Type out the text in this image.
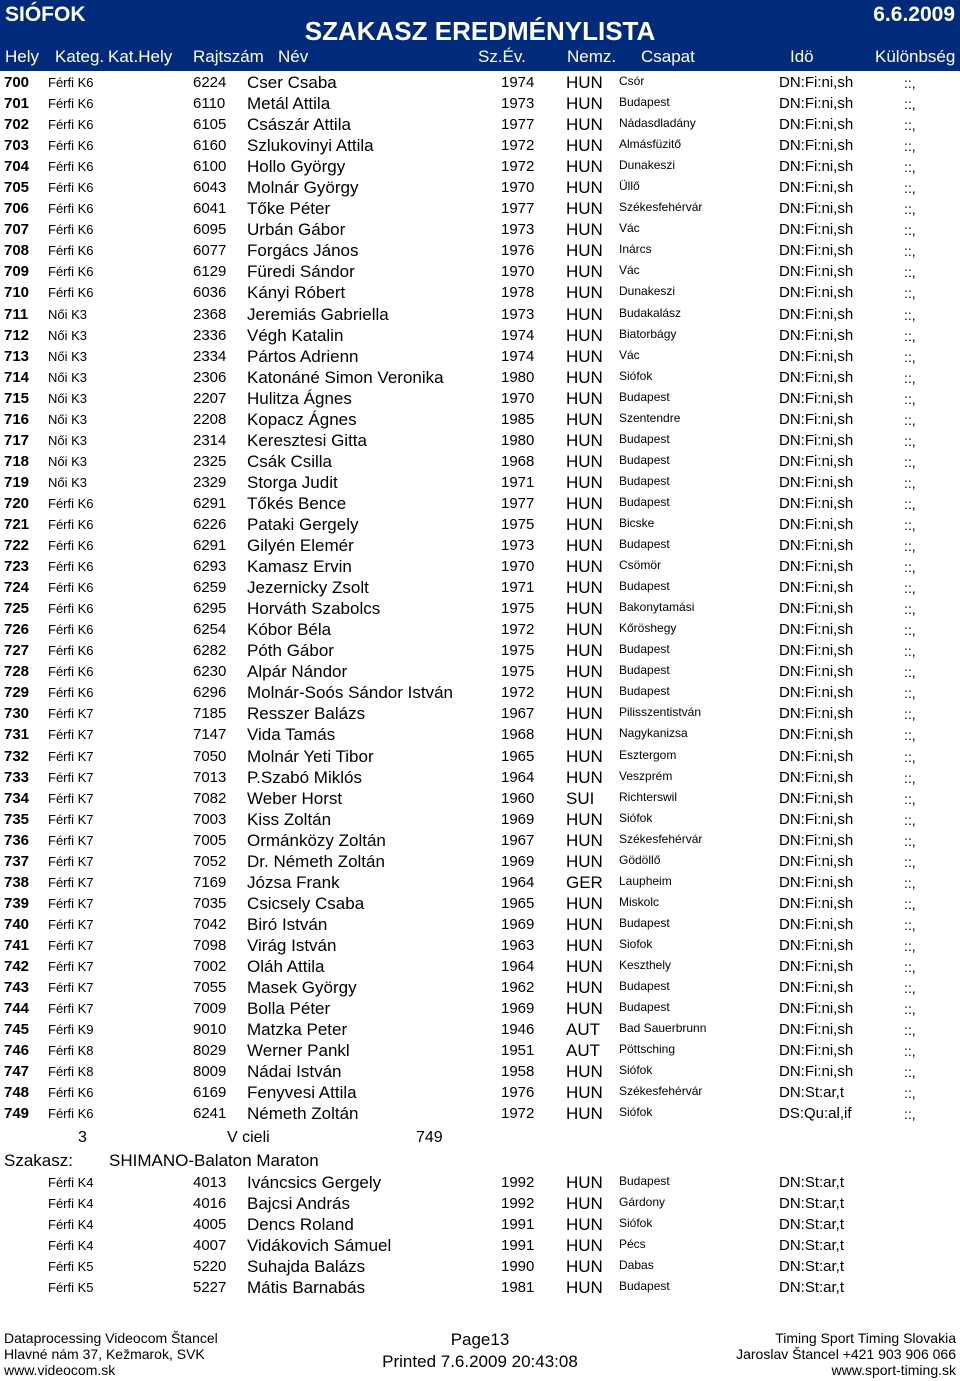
SIÓFOK
SZAKASZ EREDMÉNYLISTA
6.6.2009
Hely Kateg. Kat.Hely Rajtszám Név	Sz.Év. Nemz. Csapat	Idö	Különbség
700 Férfi K6	6224 Cser Csaba	1974 HUN Csór	DN:Fi:ni,sh	::,
701 Férfi K6	6110 Metál Attila	1973 HUN Budapest	DN:Fi:ni,sh	::,
702 Férfi K6	6105 Császár Attila	1977 HUN Nádasdladány	DN:Fi:ni,sh	::,
703 Férfi K6	6160 Szlukovinyi Attila	1972 HUN Almásfüzitő	DN:Fi:ni,sh	::,
704 Férfi K6	6100 Hollo György	1972 HUN Dunakeszi	DN:Fi:ni,sh	::,
705 Férfi K6	6043 Molnár György	1970 HUN Üllő	DN:Fi:ni,sh	::,
706 Férfi K6	6041 Tőke Péter	1977 HUN Székesfehérvár	DN:Fi:ni,sh	::,
707 Férfi K6	6095 Urbán Gábor	1973 HUN Vác	DN:Fi:ni,sh	::,
708 Férfi K6	6077 Forgács János	1976 HUN Inárcs	DN:Fi:ni,sh	::,
709 Férfi K6	6129 Füredi Sándor	1970 HUN Vác	DN:Fi:ni,sh	::,
710 Férfi K6	6036 Kányi Róbert	1978 HUN Dunakeszi	DN:Fi:ni,sh	::,
711 Női K3	2368 Jeremiás Gabriella	1973 HUN Budakalász	DN:Fi:ni,sh	::,
712 Női K3	2336 Végh Katalin	1974 HUN Biatorbágy	DN:Fi:ni,sh	::,
713 Női K3	2334 Pártos Adrienn	1974 HUN Vác	DN:Fi:ni,sh	::,
714 Női K3	2306 Katonáné Simon Veronika	1980 HUN Siófok	DN:Fi:ni,sh	::,
715 Női K3	2207 Hulitza Ágnes	1970 HUN Budapest	DN:Fi:ni,sh	::,
716 Női K3	2208 Kopacz Ágnes	1985 HUN Szentendre	DN:Fi:ni,sh	::,
717 Női K3	2314 Keresztesi Gitta	1980 HUN Budapest	DN:Fi:ni,sh	::,
718 Női K3	2325 Csák Csilla	1968 HUN Budapest	DN:Fi:ni,sh	::,
719 Női K3	2329 Storga Judit	1971 HUN Budapest	DN:Fi:ni,sh	::,
720 Férfi K6	6291 Tőkés Bence	1977 HUN Budapest	DN:Fi:ni,sh	::,
721 Férfi K6	6226 Pataki Gergely	1975 HUN Bicske	DN:Fi:ni,sh	::,
722 Férfi K6	6291 Gilyén Elemér	1973 HUN Budapest	DN:Fi:ni,sh	::,
723 Férfi K6	6293 Kamasz Ervin	1970 HUN Csömör	DN:Fi:ni,sh	::,
724 Férfi K6	6259 Jezernicky Zsolt	1971 HUN Budapest	DN:Fi:ni,sh	::,
725 Férfi K6	6295 Horváth Szabolcs	1975 HUN Bakonytamási	DN:Fi:ni,sh	::,
726 Férfi K6	6254 Kóbor Béla	1972 HUN Kőröshegy	DN:Fi:ni,sh	::,
727 Férfi K6	6282 Póth Gábor	1975 HUN Budapest	DN:Fi:ni,sh	::,
728 Férfi K6	6230 Alpár Nándor	1975 HUN Budapest	DN:Fi:ni,sh	::,
729 Férfi K6	6296 Molnár-Soós Sándor István	1972 HUN Budapest	DN:Fi:ni,sh	::,
730 Férfi K7	7185 Resszer Balázs	1967 HUN Pilisszentistván	DN:Fi:ni,sh	::,
731 Férfi K7	7147 Vida Tamás	1968 HUN Nagykanizsa	DN:Fi:ni,sh	::,
732 Férfi K7	7050 Molnár Yeti Tibor	1965 HUN Esztergom	DN:Fi:ni,sh	::,
733 Férfi K7	7013 P.Szabó Miklós	1964 HUN Veszprém	DN:Fi:ni,sh	::,
734 Férfi K7	7082 Weber Horst	1960 SUI Richterswil	DN:Fi:ni,sh	::,
735 Férfi K7	7003 Kiss Zoltán	1969 HUN Siófok	DN:Fi:ni,sh	::,
736 Férfi K7	7005 Ormánközy Zoltán	1967 HUN Székesfehérvár	DN:Fi:ni,sh	::,
737 Férfi K7	7052 Dr. Németh Zoltán	1969 HUN Gödöllő	DN:Fi:ni,sh	::,
738 Férfi K7	7169 Józsa Frank	1964 GER Laupheim	DN:Fi:ni,sh	::,
739 Férfi K7	7035 Csicsely Csaba	1965 HUN Miskolc	DN:Fi:ni,sh	::,
740 Férfi K7	7042 Biró István	1969 HUN Budapest	DN:Fi:ni,sh	::,
741 Férfi K7	7098 Virág István	1963 HUN Siofok	DN:Fi:ni,sh	::,
742 Férfi K7	7002 Oláh Attila	1964 HUN Keszthely	DN:Fi:ni,sh	::,
743 Férfi K7	7055 Masek György	1962 HUN Budapest	DN:Fi:ni,sh	::,
744 Férfi K7	7009 Bolla Péter	1969 HUN Budapest	DN:Fi:ni,sh	::,
745 Férfi K9	9010 Matzka Peter	1946 AUT Bad Sauerbrunn	DN:Fi:ni,sh	::,
746 Férfi K8	8029 Werner Pankl	1951 AUT Pöttsching	DN:Fi:ni,sh	::,
747 Férfi K8	8009 Nádai István	1958 HUN Siófok	DN:Fi:ni,sh	::,
748 Férfi K6	6169 Fenyvesi Attila	1976 HUN Székesfehérvár	DN:St:ar,t	::,
749 Férfi K6	6241 Németh Zoltán	1972 HUN Siófok	DS:Qu:al,if	::,
3	V cieli	749
Szakasz: SHIMANO-Balaton Maraton
Férfi K4	4013 Iváncsics Gergely	1992 HUN Budapest	DN:St:ar,t
Férfi K4	4016 Bajcsi András	1992 HUN Gárdony	DN:St:ar,t
Férfi K4	4005 Dencs Roland	1991 HUN Siófok	DN:St:ar,t
Férfi K4	4007 Vidákovich Sámuel	1991 HUN Pécs	DN:St:ar,t
Férfi K5	5220 Suhajda Balázs	1990 HUN Dabas	DN:St:ar,t
Férfi K5	5227 Mátis Barnabás	1981 HUN Budapest	DN:St:ar,t
Dataprocessing Videocom Štancel
Hlavné nám 37, Kežmarok, SVK
www.videocom.sk
Page13
Printed 7.6.2009 20:43:08
Timing Sport Timing Slovakia
Jaroslav Štancel +421 903 906 066
www.sport-timing.sk
